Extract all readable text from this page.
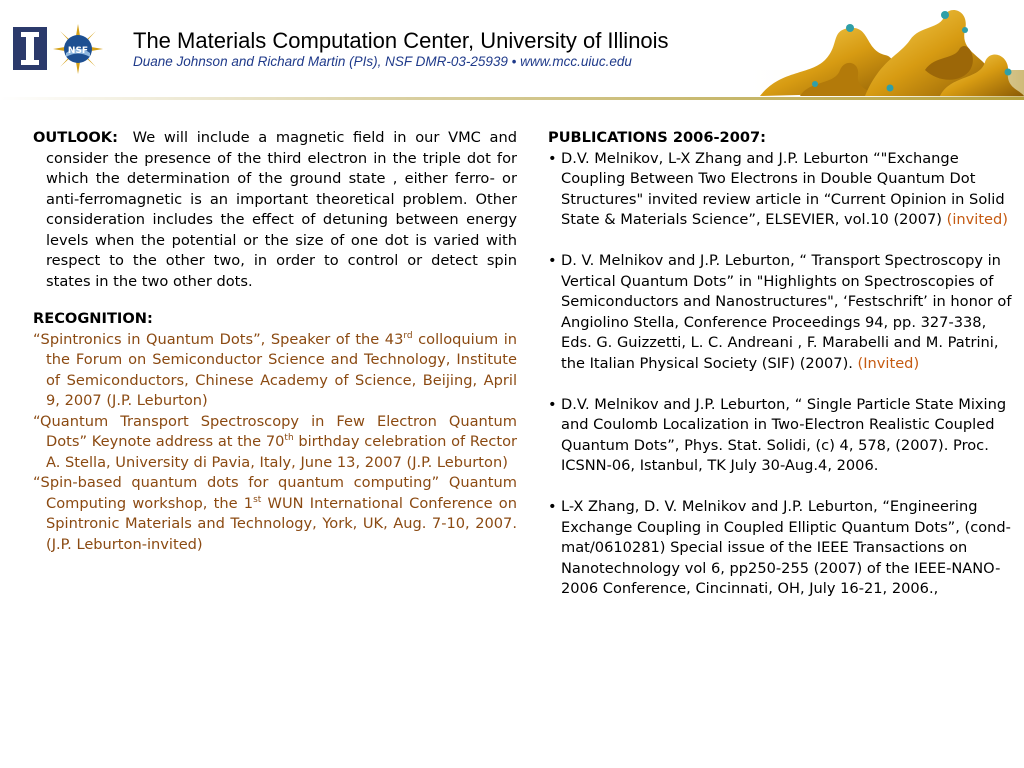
NSF The Materials Computation Center, University of Illinois
Duane Johnson and Richard Martin (PIs), NSF DMR-03-25939 • www.mcc.uiuc.edu
OUTLOOK: We will include a magnetic field in our VMC and consider the presence of the third electron in the triple dot for which the determination of the ground state , either ferro- or anti-ferromagnetic is an important theoretical problem. Other consideration includes the effect of detuning between energy levels when the potential or the size of one dot is varied with respect to the other two, in order to control or detect spin states in the two other dots.
RECOGNITION:
“Spintronics in Quantum Dots”, Speaker of the 43rd colloquium in the Forum on Semiconductor Science and Technology, Institute of Semiconductors, Chinese Academy of Science, Beijing, April 9, 2007 (J.P. Leburton)
“Quantum Transport Spectroscopy in Few Electron Quantum Dots” Keynote address at the 70th birthday celebration of Rector A. Stella, University di Pavia, Italy, June 13, 2007 (J.P. Leburton)
“Spin-based quantum dots for quantum computing” Quantum Computing workshop, the 1st WUN International Conference on Spintronic Materials and Technology, York, UK, Aug. 7-10, 2007. (J.P. Leburton-invited)
PUBLICATIONS 2006-2007:
• D.V. Melnikov, L-X Zhang and J.P. Leburton “"Exchange Coupling Between Two Electrons in Double Quantum Dot Structures" invited review article in “Current Opinion in Solid State & Materials Science”, ELSEVIER, vol.10 (2007) (invited)
• D. V. Melnikov and J.P. Leburton, “ Transport Spectroscopy in Vertical Quantum Dots” in "Highlights on Spectroscopies of Semiconductors and Nanostructures", ‘Festschrift’ in honor of Angiolino Stella, Conference Proceedings 94, pp. 327-338, Eds. G. Guizzetti, L. C. Andreani , F. Marabelli and M. Patrini, the Italian Physical Society (SIF) (2007). (Invited)
• D.V. Melnikov and J.P. Leburton, “ Single Particle State Mixing and Coulomb Localization in Two-Electron Realistic Coupled Quantum Dots”, Phys. Stat. Solidi, (c) 4, 578, (2007). Proc. ICSNN-06, Istanbul, TK July 30-Aug.4, 2006.
• L-X Zhang, D. V. Melnikov and J.P. Leburton, “Engineering Exchange Coupling in Coupled Elliptic Quantum Dots”, (cond-mat/0610281) Special issue of the IEEE Transactions on Nanotechnology vol 6, pp250-255 (2007) of the IEEE-NANO-2006 Conference, Cincinnati, OH, July 16-21, 2006.,
